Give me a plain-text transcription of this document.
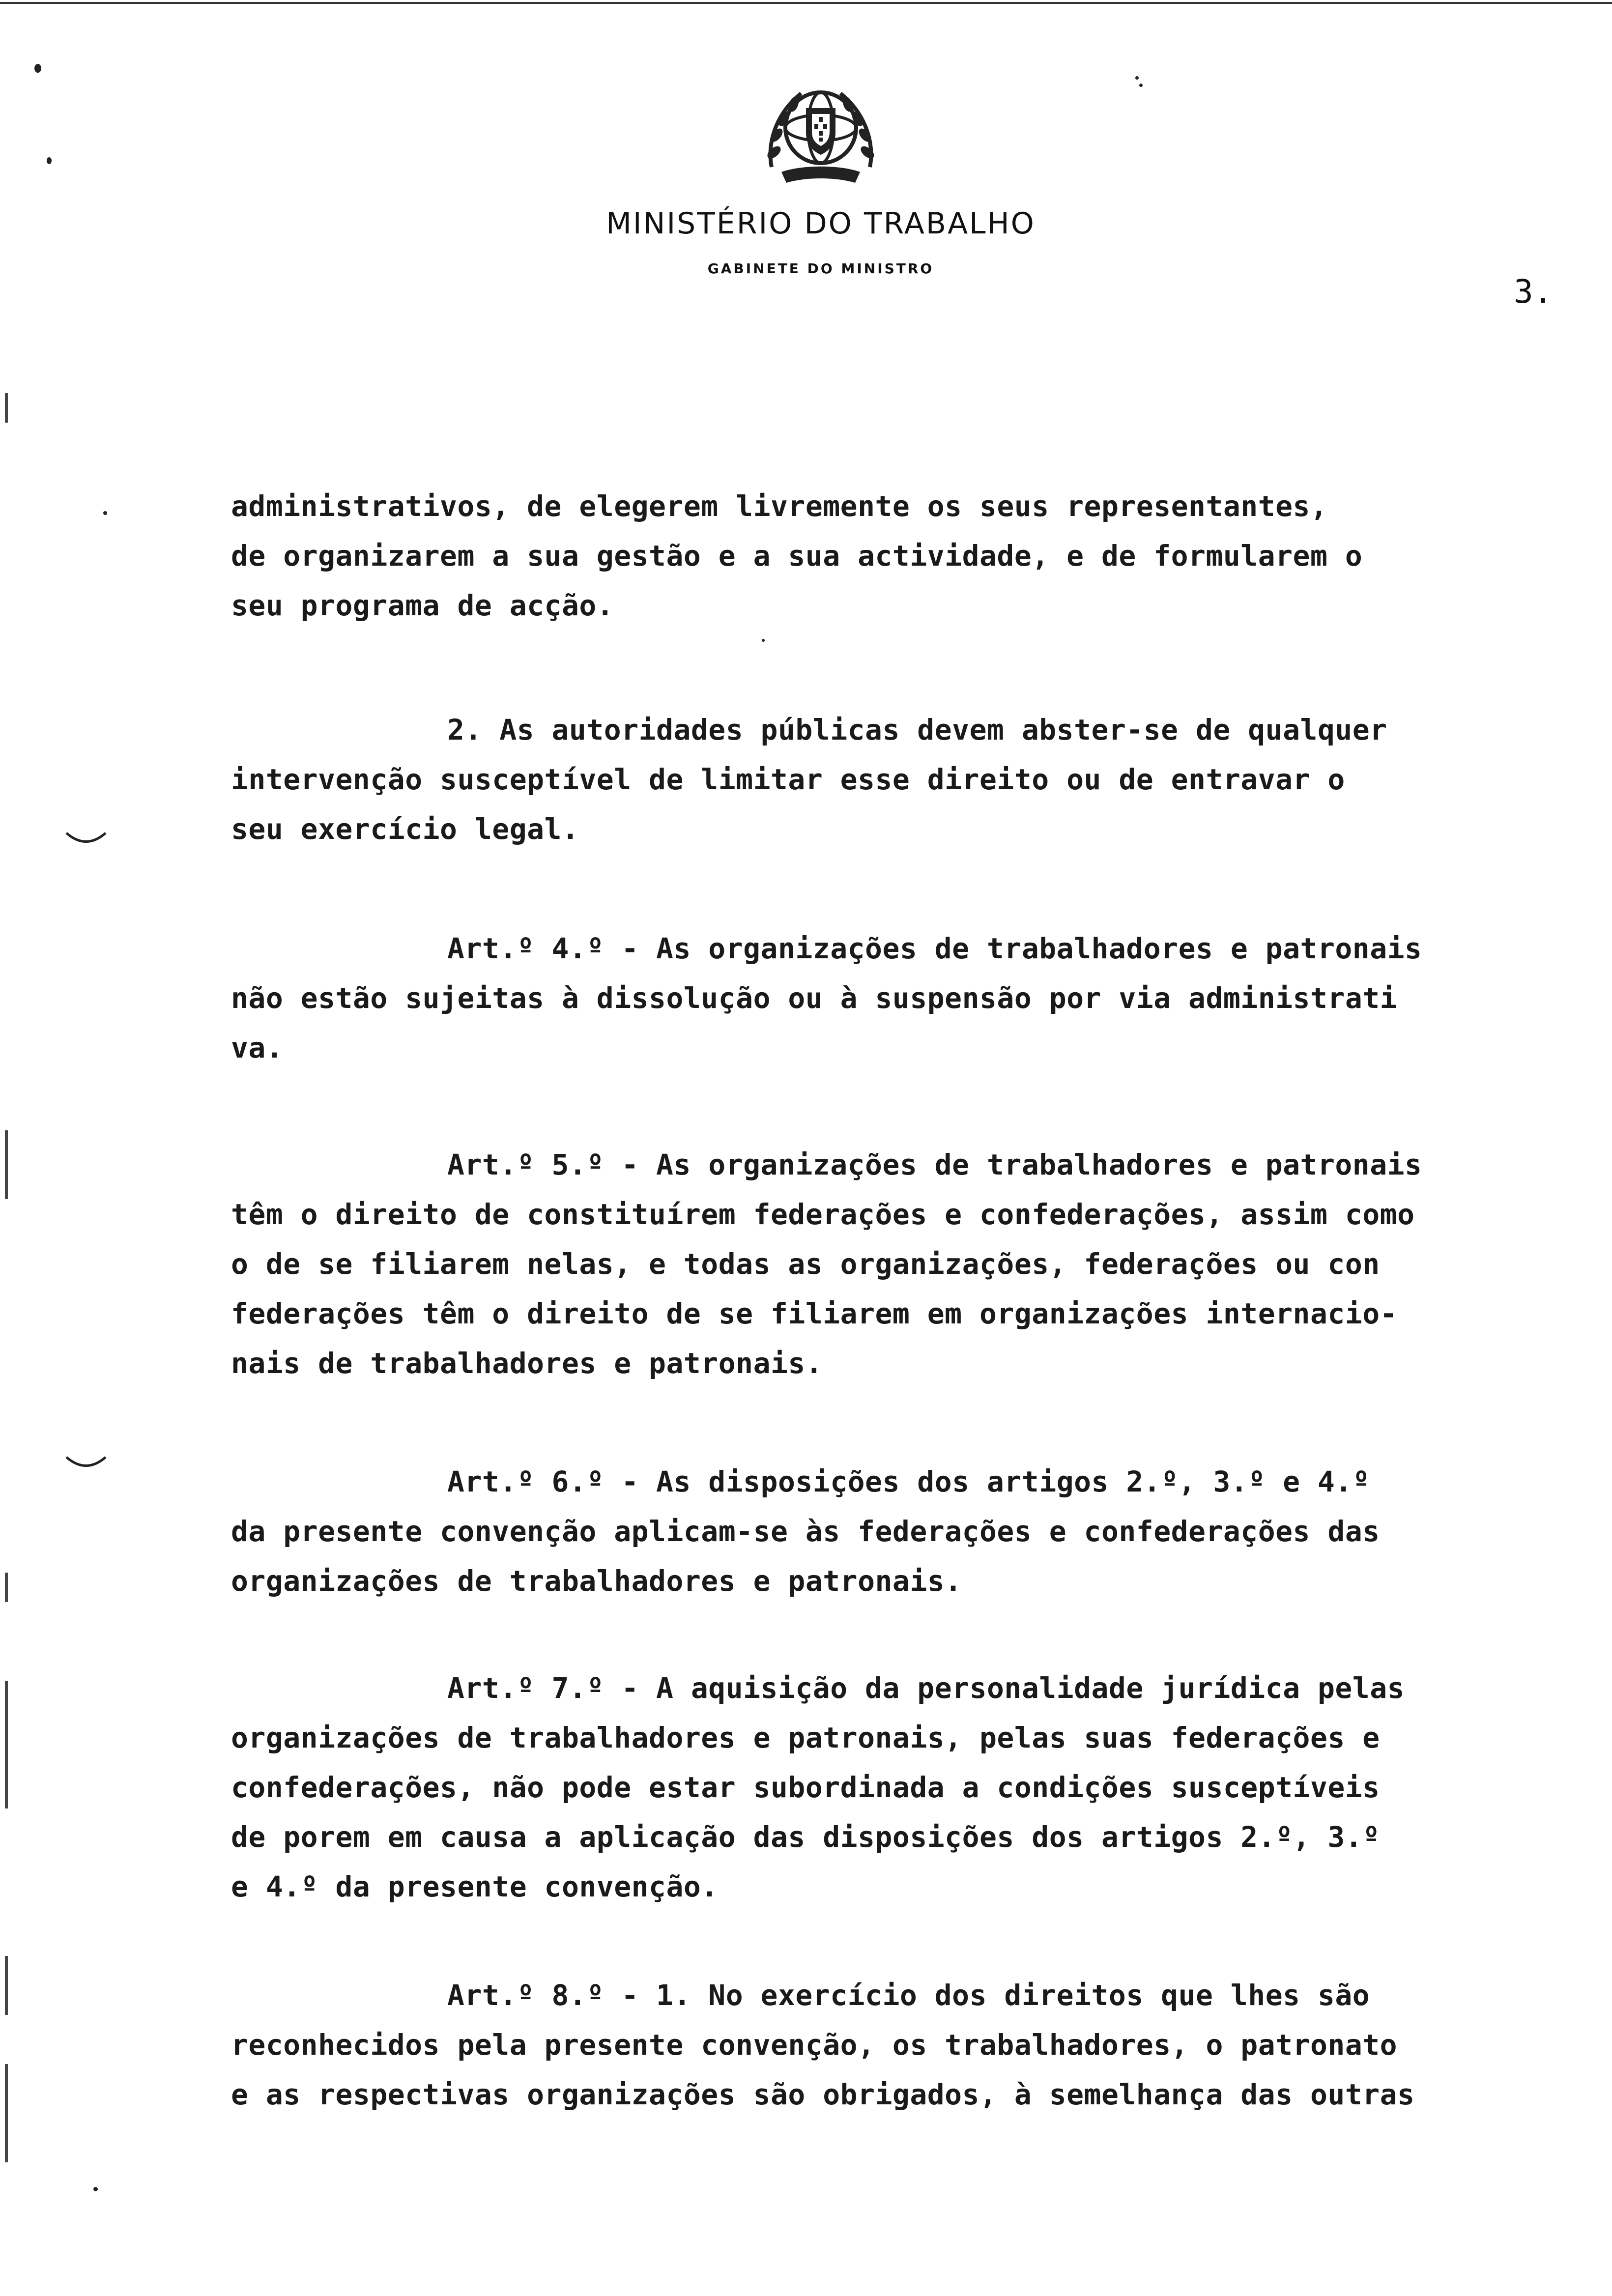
MINISTÉRIO DO TRABALHO
GABINETE DO MINISTRO
3.
administrativos, de elegerem livremente os seus representantes,
de organizarem a sua gestão e a sua actividade, e de formularem o
seu programa de acção.
2. As autoridades públicas devem abster-se de qualquer
intervenção susceptível de limitar esse direito ou de entravar o
seu exercício legal.
Art.º 4.º - As organizações de trabalhadores e patronais
não estão sujeitas à dissolução ou à suspensão por via administrati
va.
Art.º 5.º - As organizações de trabalhadores e patronais
têm o direito de constituírem federações e confederações, assim como
o de se filiarem nelas, e todas as organizações, federações ou con
federações têm o direito de se filiarem em organizações internacio-
nais de trabalhadores e patronais.
Art.º 6.º - As disposições dos artigos 2.º, 3.º e 4.º
da presente convenção aplicam-se às federações e confederações das
organizações de trabalhadores e patronais.
Art.º 7.º - A aquisição da personalidade jurídica pelas
organizações de trabalhadores e patronais, pelas suas federações e
confederações, não pode estar subordinada a condições susceptíveis
de porem em causa a aplicação das disposições dos artigos 2.º, 3.º
e 4.º da presente convenção.
Art.º 8.º - 1. No exercício dos direitos que lhes são
reconhecidos pela presente convenção, os trabalhadores, o patronato
e as respectivas organizações são obrigados, à semelhança das outras
